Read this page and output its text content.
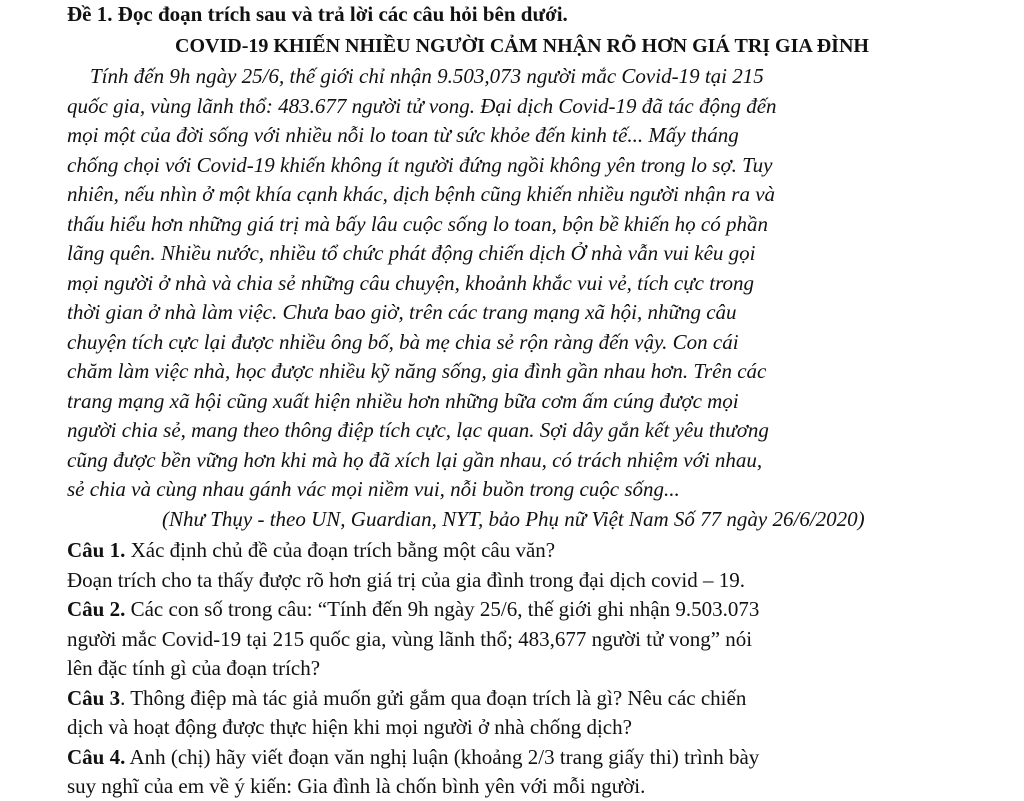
Đề 1. Đọc đoạn trích sau và trả lời các câu hỏi bên dưới.
COVID-19 KHIẾN NHIỀU NGƯỜI CẢM NHẬN RÕ HƠN GIÁ TRỊ GIA ĐÌNH
Tính đến 9h ngày 25/6, thế giới chỉ nhận 9.503,073 người mắc Covid-19 tại 215
quốc gia, vùng lãnh thổ: 483.677 người tử vong. Đại dịch Covid-19 đã tác động đến
mọi một của đời sống với nhiều nỗi lo toan từ sức khỏe đến kinh tế... Mấy tháng
chống chọi với Covid-19 khiến không ít người đứng ngồi không yên trong lo sợ. Tuy
nhiên, nếu nhìn ở một khía cạnh khác, dịch bệnh cũng khiến nhiều người nhận ra và
thấu hiểu hơn những giá trị mà bấy lâu cuộc sống lo toan, bộn bề khiến họ có phần
lãng quên. Nhiều nước, nhiều tổ chức phát động chiến dịch Ở nhà vẫn vui kêu gọi
mọi người ở nhà và chia sẻ những câu chuyện, khoảnh khắc vui vẻ, tích cực trong
thời gian ở nhà làm việc. Chưa bao giờ, trên các trang mạng xã hội, những câu
chuyện tích cực lại được nhiều ông bố, bà mẹ chia sẻ rộn ràng đến vậy. Con cái
chăm làm việc nhà, học được nhiều kỹ năng sống, gia đình gần nhau hơn. Trên các
trang mạng xã hội cũng xuất hiện nhiều hơn những bữa cơm ấm cúng được mọi
người chia sẻ, mang theo thông điệp tích cực, lạc quan. Sợi dây gắn kết yêu thương
cũng được bền vững hơn khi mà họ đã xích lại gần nhau, có trách nhiệm với nhau,
sẻ chia và cùng nhau gánh vác mọi niềm vui, nỗi buồn trong cuộc sống...
(Như Thụy - theo UN, Guardian, NYT, bảo Phụ nữ Việt Nam Số 77 ngày 26/6/2020)
Câu 1. Xác định chủ đề của đoạn trích bằng một câu văn?
Đoạn trích cho ta thấy được rõ hơn giá trị của gia đình trong đại dịch covid – 19.
Câu 2. Các con số trong câu: “Tính đến 9h ngày 25/6, thế giới ghi nhận 9.503.073
người mắc Covid-19 tại 215 quốc gia, vùng lãnh thổ; 483,677 người tử vong” nói
lên đặc tính gì của đoạn trích?
Câu 3. Thông điệp mà tác giả muốn gửi gắm qua đoạn trích là gì? Nêu các chiến
dịch và hoạt động được thực hiện khi mọi người ở nhà chống dịch?
Câu 4. Anh (chị) hãy viết đoạn văn nghị luận (khoảng 2/3 trang giấy thi) trình bày
suy nghĩ của em về ý kiến: Gia đình là chốn bình yên với mỗi người.
